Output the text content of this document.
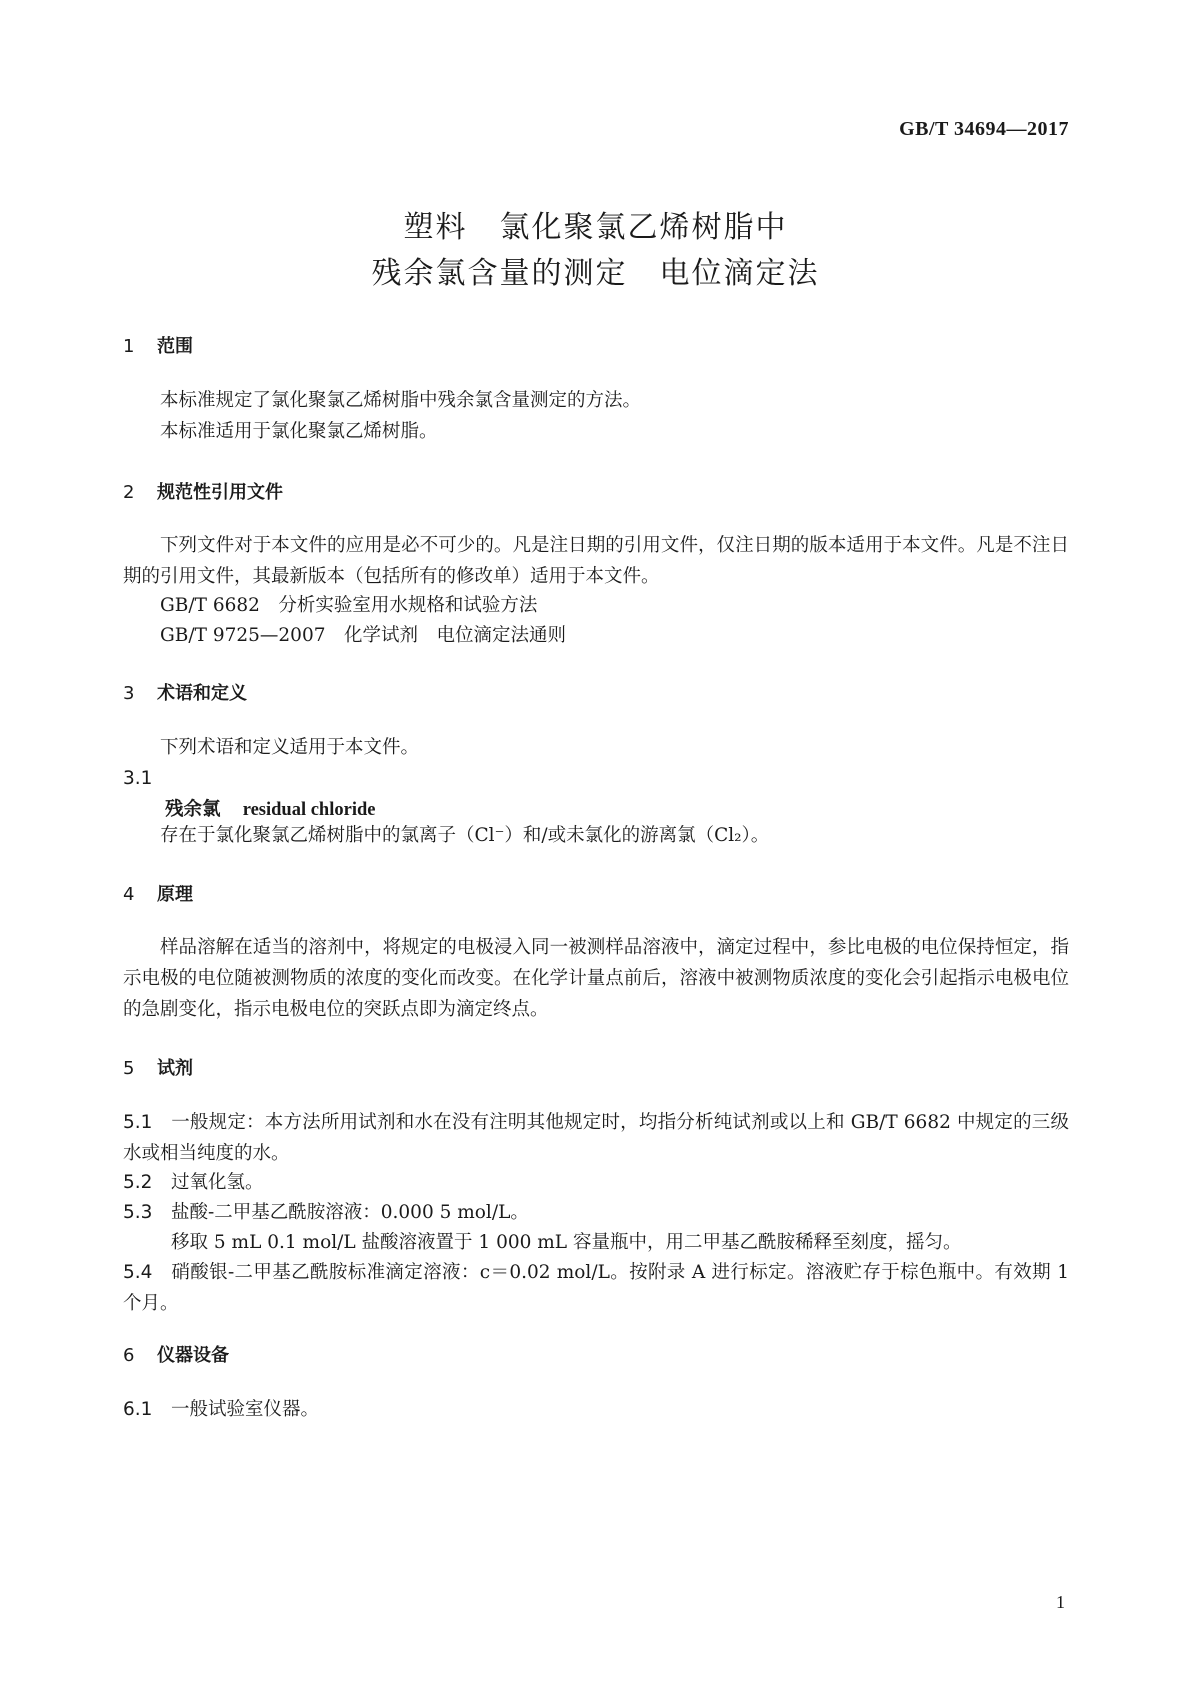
GB/T 34694—2017
塑料　氯化聚氯乙烯树脂中
残余氯含量的测定　电位滴定法
1 范围
本标准规定了氯化聚氯乙烯树脂中残余氯含量测定的方法。
本标准适用于氯化聚氯乙烯树脂。
2 规范性引用文件
下列文件对于本文件的应用是必不可少的。凡是注日期的引用文件，仅注日期的版本适用于本文件。凡是不注日期的引用文件，其最新版本（包括所有的修改单）适用于本文件。
GB/T 6682　分析实验室用水规格和试验方法
GB/T 9725—2007　化学试剂　电位滴定法通则
3 术语和定义
下列术语和定义适用于本文件。
3.1
残余氯 residual chloride
存在于氯化聚氯乙烯树脂中的氯离子（Cl⁻）和/或未氯化的游离氯（Cl₂）。
4 原理
样品溶解在适当的溶剂中，将规定的电极浸入同一被测样品溶液中，滴定过程中，参比电极的电位保持恒定，指示电极的电位随被测物质的浓度的变化而改变。在化学计量点前后，溶液中被测物质浓度的变化会引起指示电极电位的急剧变化，指示电极电位的突跃点即为滴定终点。
5 试剂
5.1 一般规定：本方法所用试剂和水在没有注明其他规定时，均指分析纯试剂或以上和 GB/T 6682 中规定的三级水或相当纯度的水。
5.2 过氧化氢。
5.3 盐酸-二甲基乙酰胺溶液：0.000 5 mol/L。
移取 5 mL 0.1 mol/L 盐酸溶液置于 1 000 mL 容量瓶中，用二甲基乙酰胺稀释至刻度，摇匀。
5.4 硝酸银-二甲基乙酰胺标准滴定溶液：c＝0.02 mol/L。按附录 A 进行标定。溶液贮存于棕色瓶中。有效期 1 个月。
6 仪器设备
6.1 一般试验室仪器。
1
